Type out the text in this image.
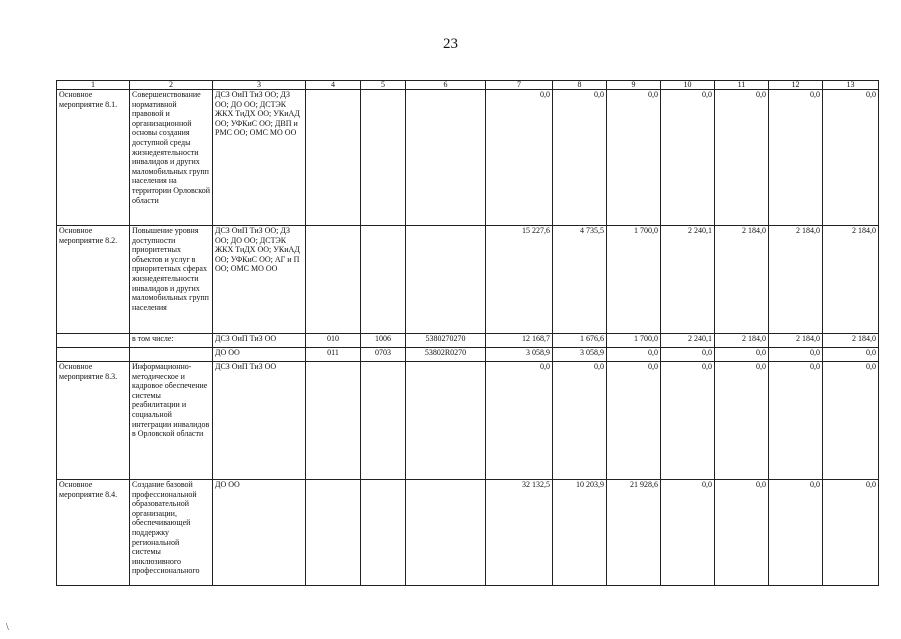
23
1	2	3	4	5	6	7	8	9	10	11	12	13
Основное мероприятие 8.1.	Совершенствование нормативной правовой и организационной основы создания доступной среды жизнедеятельности инвалидов и других маломобильных групп населения на территории Орловской области	ДСЗ ОиП ТиЗ ОО; ДЗ ОО; ДО ОО; ДСТЭК ЖКХ ТиДХ ОО; УКиАД ОО; УФКиС ОО; ДВП и РМС ОО; ОМС МО ОО				0,0	0,0	0,0	0,0	0,0	0,0	0,0
Основное мероприятие 8.2.	Повышение уровня доступности приоритетных объектов и услуг в приоритетных сферах жизнедеятельности инвалидов и других маломобильных групп населения	ДСЗ ОиП ТиЗ ОО; ДЗ ОО; ДО ОО; ДСТЭК ЖКХ ТиДХ ОО; УКиАД ОО; УФКиС ОО; АГ и П ОО; ОМС МО ОО				15 227,6	4 735,5	1 700,0	2 240,1	2 184,0	2 184,0	2 184,0
	в том числе:	ДСЗ ОиП ТиЗ ОО	010	1006	5380270270	12 168,7	1 676,6	1 700,0	2 240,1	2 184,0	2 184,0	2 184,0
		ДО ОО	011	0703	53802R0270	3 058,9	3 058,9	0,0	0,0	0,0	0,0	0,0
Основное мероприятие 8.3.	Информационно-методическое и кадровое обеспечение системы реабилитации и социальной интеграции инвалидов в Орловской области	ДСЗ ОиП ТиЗ ОО				0,0	0,0	0,0	0,0	0,0	0,0	0,0
Основное мероприятие 8.4.	Создание базовой профессиональной образовательной организации, обеспечивающей поддержку региональной системы инклюзивного профессионального	ДО ОО				32 132,5	10 203,9	21 928,6	0,0	0,0	0,0	0,0
\
